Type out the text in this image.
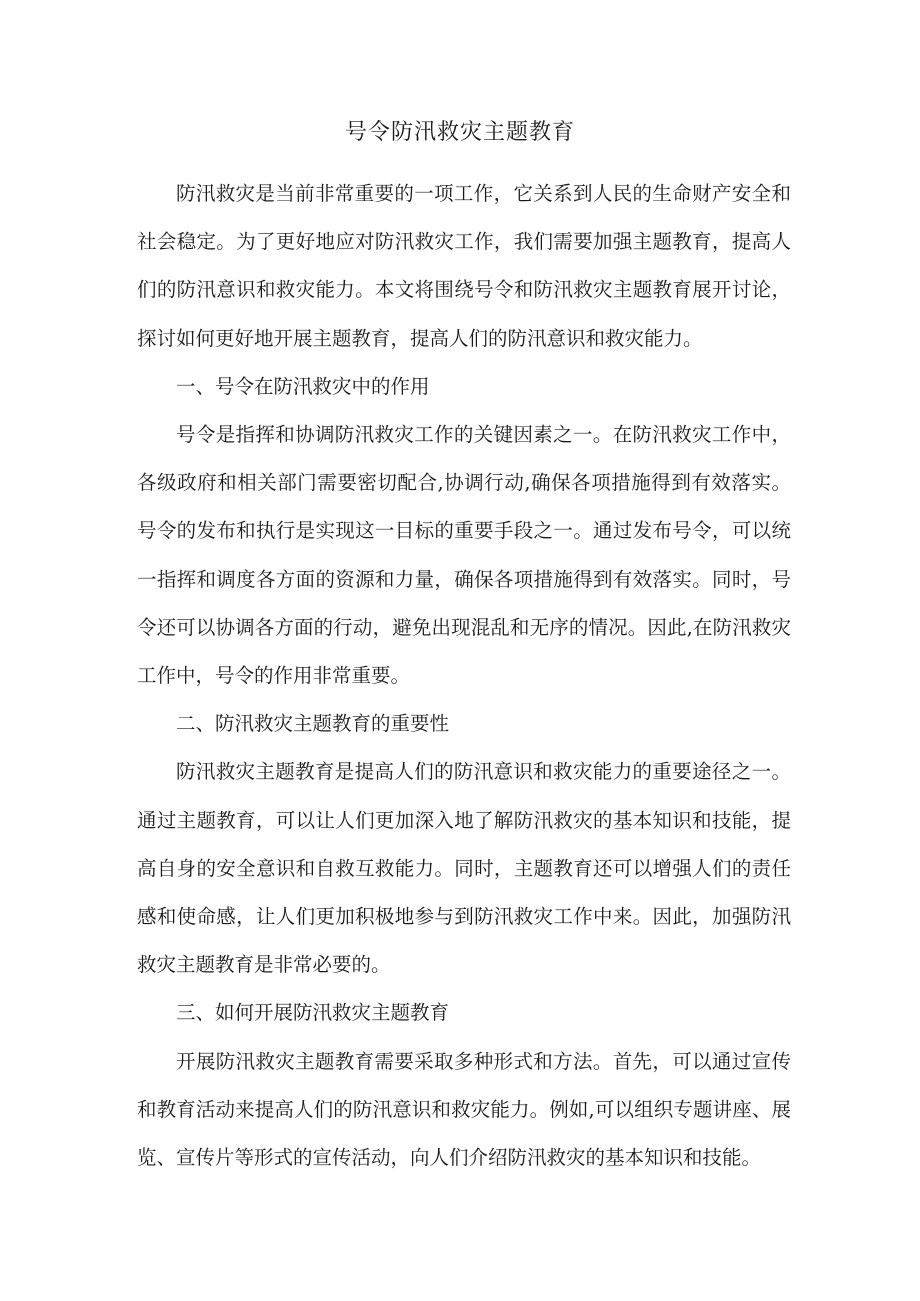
号令防汛救灾主题教育

防汛救灾是当前非常重要的一项工作，它关系到人民的生命财产安全和社会稳定。为了更好地应对防汛救灾工作，我们需要加强主题教育，提高人们的防汛意识和救灾能力。本文将围绕号令和防汛救灾主题教育展开讨论，探讨如何更好地开展主题教育，提高人们的防汛意识和救灾能力。

一、号令在防汛救灾中的作用

号令是指挥和协调防汛救灾工作的关键因素之一。在防汛救灾工作中，各级政府和相关部门需要密切配合,协调行动,确保各项措施得到有效落实。号令的发布和执行是实现这一目标的重要手段之一。通过发布号令，可以统一指挥和调度各方面的资源和力量，确保各项措施得到有效落实。同时，号令还可以协调各方面的行动，避免出现混乱和无序的情况。因此,在防汛救灾工作中，号令的作用非常重要。

二、防汛救灾主题教育的重要性

防汛救灾主题教育是提高人们的防汛意识和救灾能力的重要途径之一。通过主题教育，可以让人们更加深入地了解防汛救灾的基本知识和技能，提高自身的安全意识和自救互救能力。同时，主题教育还可以增强人们的责任感和使命感，让人们更加积极地参与到防汛救灾工作中来。因此，加强防汛救灾主题教育是非常必要的。

三、如何开展防汛救灾主题教育

开展防汛救灾主题教育需要采取多种形式和方法。首先，可以通过宣传和教育活动来提高人们的防汛意识和救灾能力。例如,可以组织专题讲座、展览、宣传片等形式的宣传活动，向人们介绍防汛救灾的基本知识和技能。
